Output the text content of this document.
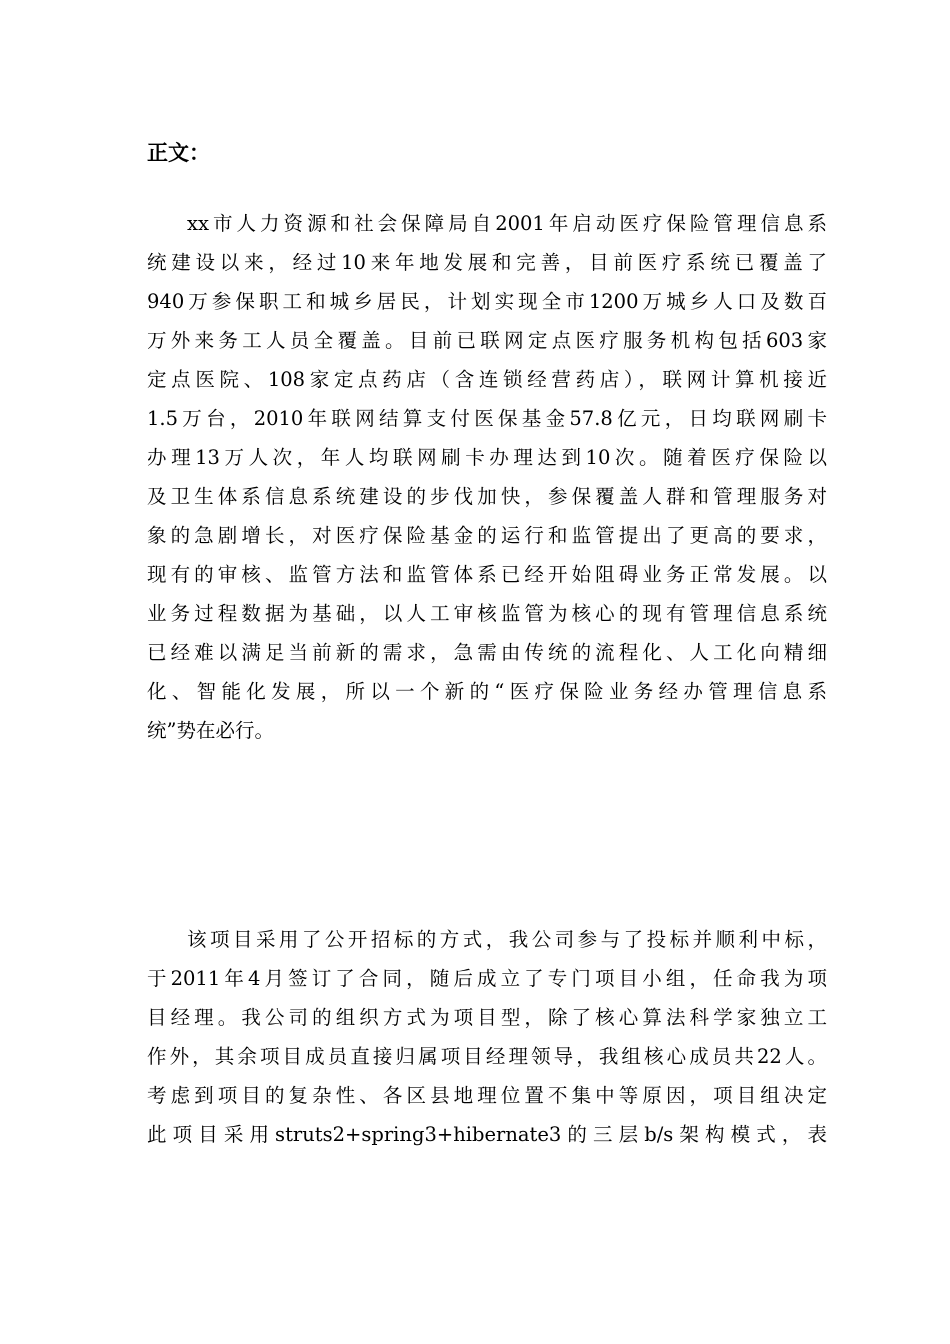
正文：
xx市人力资源和社会保障局自2001年启动医疗保险管理信息系
统建设以来，经过10来年地发展和完善，目前医疗系统已覆盖了
940万参保职工和城乡居民，计划实现全市1200万城乡人口及数百
万外来务工人员全覆盖。目前已联网定点医疗服务机构包括603家
定点医院、108家定点药店（含连锁经营药店），联网计算机接近
1.5万台，2010年联网结算支付医保基金57.8亿元，日均联网刷卡
办理13万人次，年人均联网刷卡办理达到10次。随着医疗保险以
及卫生体系信息系统建设的步伐加快，参保覆盖人群和管理服务对
象的急剧增长，对医疗保险基金的运行和监管提出了更高的要求，
现有的审核、监管方法和监管体系已经开始阻碍业务正常发展。以
业务过程数据为基础，以人工审核监管为核心的现有管理信息系统
已经难以满足当前新的需求，急需由传统的流程化、人工化向精细
化、智能化发展，所以一个新的“医疗保险业务经办管理信息系
统”势在必行。
该项目采用了公开招标的方式，我公司参与了投标并顺利中标，
于2011年4月签订了合同，随后成立了专门项目小组，任命我为项
目经理。我公司的组织方式为项目型，除了核心算法科学家独立工
作外，其余项目成员直接归属项目经理领导，我组核心成员共22人。
考虑到项目的复杂性、各区县地理位置不集中等原因，项目组决定
此项目采用struts2+spring3+hibernate3的三层b/s架构模式，表
